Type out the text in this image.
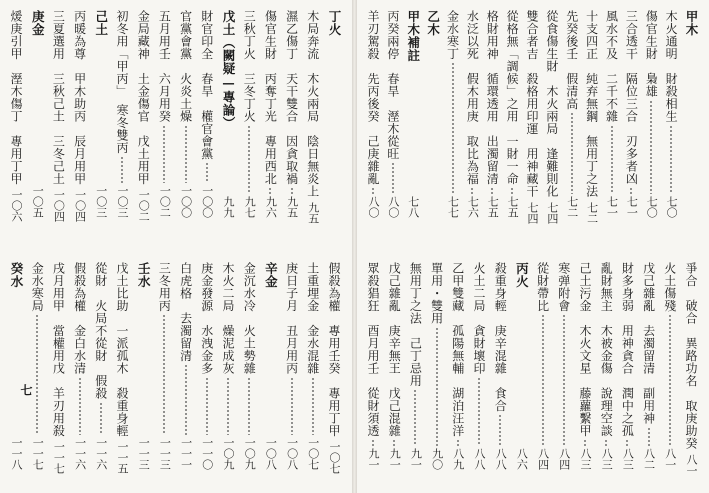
丁火
木局奔流　木火兩局　陰日無炎上
九五
濕乙傷丁　天干雙合　因貪取禍
九五
傷官生財　丙奪丁光　專用西北
九六
三秋丁火　三冬丁火
九七
戊土（闕疑—專論）
九九
財官印全　春旱　權官會黨
一〇〇
官黨會黨　火炎土燥
一〇〇
五月用壬　六月用癸
一〇二
金局藏神　土金傷官　戊土用甲
一〇二
初冬用「甲丙」　寒冬雙丙
一〇三
己土
一〇三
丙暖為尊　甲木助丙　辰月用甲
一〇四
三夏選用　三秋己土　三冬己土
一〇四
庚金
一〇五
煖庚引甲　溼木傷丁　專用丁甲
一〇六
假殺為權　專用壬癸　專用丁甲
一〇七
土重埋金　金水混雜
一〇七
庚日子月　丑月用丙
一〇八
辛金
一〇八
金沉水冷　火土勢雜
一〇九
木火二局　燥泥成灰
一〇九
庚金發源　水洩金多
一一〇
白虎格　去濁留清
一一一
三冬用丙
一一三
壬水
一一三
戊土比助　一派孤木　殺重身輕
一一五
從財　火局不從財　假殺
一一六
假殺為權　金白水清
一一六
戌月用甲　當權用戊　羊刃用殺
一一七
金水寒局
一一七
癸水
一一八
七
甲木
木火通明　財殺相生
七〇
傷官生財　梟雄
七〇
三合透干　隔位三合　刃多者凶
七一
風水不及　二千不雜
七一
十支四正　純弃無鋼　無用丁之法
七二
先癸後壬　假清高
七二
從食傷生財　木火兩局　逢難則化
七四
雙合者吉　殺格用印運　用神藏干
七四
從格無「調候」之用　一財一命
七五
格財用神　循環透用　出濁留清
七五
水泛以死　假木用庚　取比為福
七六
金水寒丁
七七
乙木
甲木補註
七八
丙癸兩停　春旱　溼木從旺
八〇
羊刃駕殺　先丙後癸　己庚雜亂
八〇
爭合　破合　異路功名　取庚助癸
八一
火土傷殘
八一
戊己雜亂　去濁留清　副用神
八二
財多身弱　用神貪合　潤中之孤
八三
亂財無主　木被金傷　說理空談
八三
己土污金　木火文星　藤蘿繫甲
八三
寒弹附會
八四
從財帶比
八四
丙火
八六
殺重身輕　庚辛混雜　食合
八八
火土二局　貪財壞印
八八
乙甲雙藏　孤陽無輔　湖泊汪洋
八九
單用・雙用
九〇
無用丁之法　己丁忌用
九一
戊己雜亂　庚辛無王　戊己混雜
九一
眾殺猖狂　酉月用壬　從財須透
九一
